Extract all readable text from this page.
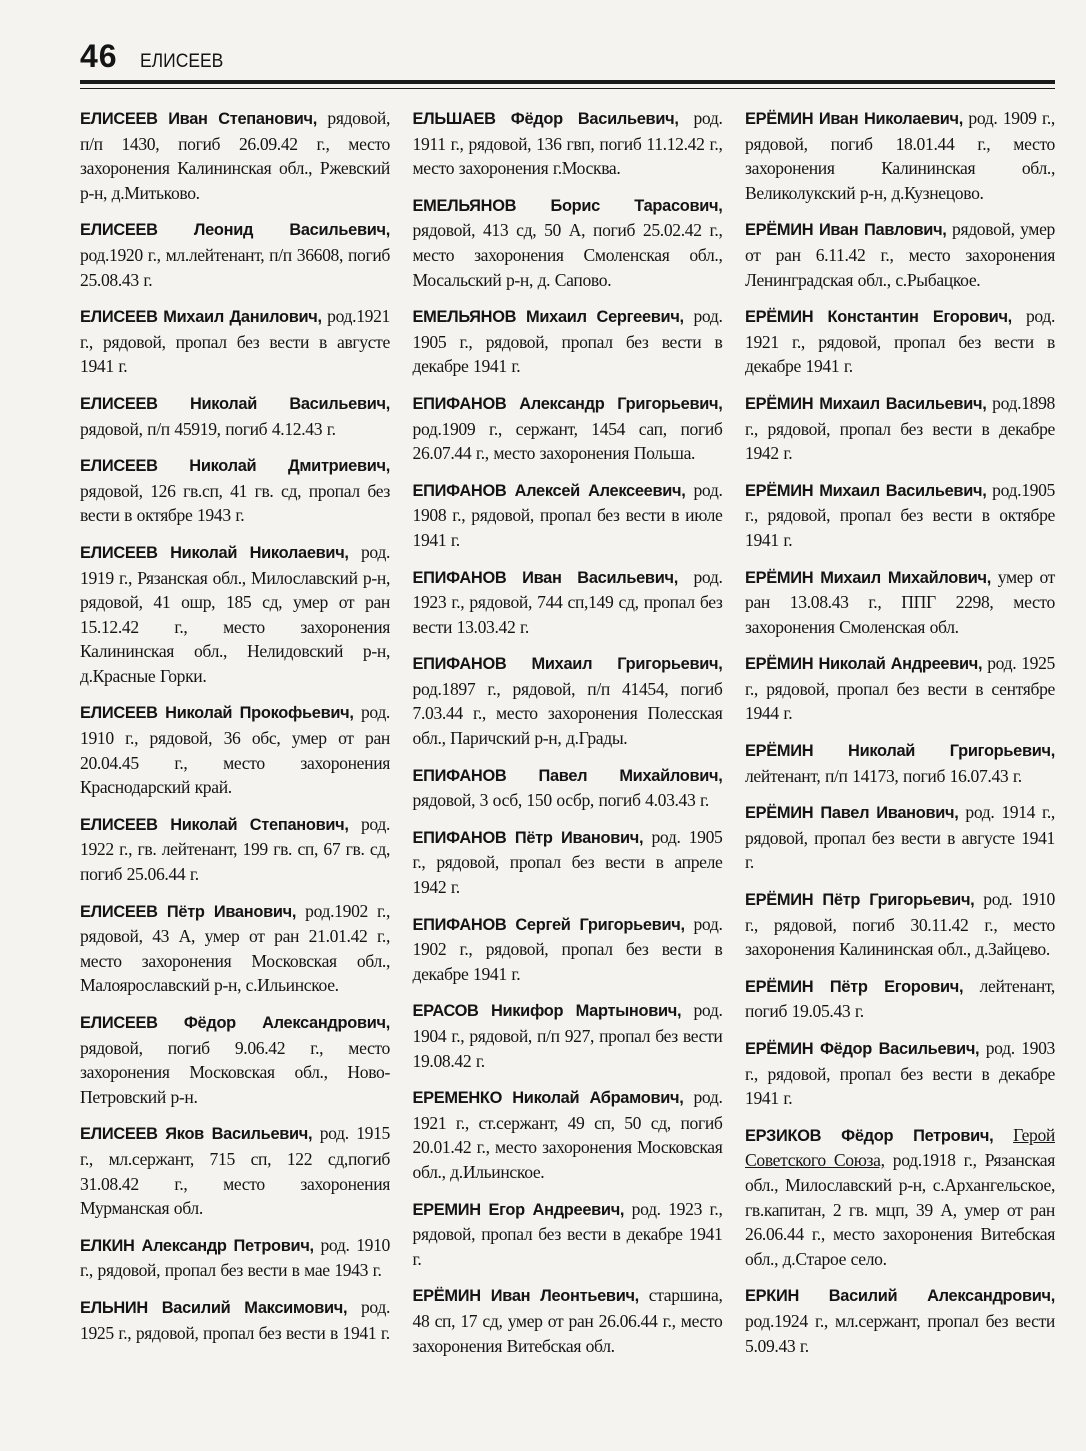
46 ЕЛИСЕЕВ

ЕЛИСЕЕВ Иван Степанович, рядовой, п/п 1430, погиб 26.09.42 г., место захоронения Калининская обл., Ржевский р-н, д.Митьково.

ЕЛИСЕЕВ Леонид Васильевич, род.1920 г., мл.лейтенант, п/п 36608, погиб 25.08.43 г.

ЕЛИСЕЕВ Михаил Данилович, род.1921 г., рядовой, пропал без вести в августе 1941 г.

ЕЛИСЕЕВ Николай Васильевич, рядовой, п/п 45919, погиб 4.12.43 г.

ЕЛИСЕЕВ Николай Дмитриевич, рядовой, 126 гв.сп, 41 гв. сд, пропал без вести в октябре 1943 г.

ЕЛИСЕЕВ Николай Николаевич, род. 1919 г., Рязанская обл., Милославский р-н, рядовой, 41 ошр, 185 сд, умер от ран 15.12.42 г., место захоронения Калининская обл., Нелидовский р-н, д.Красные Горки.

ЕЛИСЕЕВ Николай Прокофьевич, род. 1910 г., рядовой, 36 обс, умер от ран 20.04.45 г., место захоронения Краснодарский край.

ЕЛИСЕЕВ Николай Степанович, род. 1922 г., гв. лейтенант, 199 гв. сп, 67 гв. сд, погиб 25.06.44 г.

ЕЛИСЕЕВ Пётр Иванович, род.1902 г., рядовой, 43 А, умер от ран 21.01.42 г., место захоронения Московская обл., Малоярославский р-н, с.Ильинское.

ЕЛИСЕЕВ Фёдор Александрович, рядовой, погиб 9.06.42 г., место захоронения Московская обл., Ново-Петровский р-н.

ЕЛИСЕЕВ Яков Васильевич, род. 1915 г., мл.сержант, 715 сп, 122 сд,погиб 31.08.42 г., место захоронения Мурманская обл.

ЕЛКИН Александр Петрович, род. 1910 г., рядовой, пропал без вести в мае 1943 г.

ЕЛЬНИН Василий Максимович, род. 1925 г., рядовой, пропал без вести в 1941 г.

ЕЛЬШАЕВ Фёдор Васильевич, род. 1911 г., рядовой, 136 гвп, погиб 11.12.42 г., место захоронения г.Москва.

ЕМЕЛЬЯНОВ Борис Тарасович, рядовой, 413 сд, 50 А, погиб 25.02.42 г., место захоронения Смоленская обл., Мосальский р-н, д. Сапово.

ЕМЕЛЬЯНОВ Михаил Сергеевич, род. 1905 г., рядовой, пропал без вести в декабре 1941 г.

ЕПИФАНОВ Александр Григорьевич, род.1909 г., сержант, 1454 сап, погиб 26.07.44 г., место захоронения Польша.

ЕПИФАНОВ Алексей Алексеевич, род. 1908 г., рядовой, пропал без вести в июле 1941 г.

ЕПИФАНОВ Иван Васильевич, род. 1923 г., рядовой, 744 сп,149 сд, пропал без вести 13.03.42 г.

ЕПИФАНОВ Михаил Григорьевич, род.1897 г., рядовой, п/п 41454, погиб 7.03.44 г., место захоронения Полесская обл., Паричский р-н, д.Грады.

ЕПИФАНОВ Павел Михайлович, рядовой, 3 осб, 150 осбр, погиб 4.03.43 г.

ЕПИФАНОВ Пётр Иванович, род. 1905 г., рядовой, пропал без вести в апреле 1942 г.

ЕПИФАНОВ Сергей Григорьевич, род. 1902 г., рядовой, пропал без вести в декабре 1941 г.

ЕРАСОВ Никифор Мартынович, род. 1904 г., рядовой, п/п 927, пропал без вести 19.08.42 г.

ЕРЕМЕНКО Николай Абрамович, род. 1921 г., ст.сержант, 49 сп, 50 сд, погиб 20.01.42 г., место захоронения Московская обл., д.Ильинское.

ЕРЕМИН Егор Андреевич, род. 1923 г., рядовой, пропал без вести в декабре 1941 г.

ЕРЁМИН Иван Леонтьевич, старшина, 48 сп, 17 сд, умер от ран 26.06.44 г., место захоронения Витебская обл.

ЕРЁМИН Иван Николаевич, род. 1909 г., рядовой, погиб 18.01.44 г., место захоронения Калининская обл., Великолукский р-н, д.Кузнецово.

ЕРЁМИН Иван Павлович, рядовой, умер от ран 6.11.42 г., место захоронения Ленинградская обл., с.Рыбацкое.

ЕРЁМИН Константин Егорович, род. 1921 г., рядовой, пропал без вести в декабре 1941 г.

ЕРЁМИН Михаил Васильевич, род.1898 г., рядовой, пропал без вести в декабре 1942 г.

ЕРЁМИН Михаил Васильевич, род.1905 г., рядовой, пропал без вести в октябре 1941 г.

ЕРЁМИН Михаил Михайлович, умер от ран 13.08.43 г., ППГ 2298, место захоронения Смоленская обл.

ЕРЁМИН Николай Андреевич, род. 1925 г., рядовой, пропал без вести в сентябре 1944 г.

ЕРЁМИН Николай Григорьевич, лейтенант, п/п 14173, погиб 16.07.43 г.

ЕРЁМИН Павел Иванович, род. 1914 г., рядовой, пропал без вести в августе 1941 г.

ЕРЁМИН Пётр Григорьевич, род. 1910 г., рядовой, погиб 30.11.42 г., место захоронения Калининская обл., д.Зайцево.

ЕРЁМИН Пётр Егорович, лейтенант, погиб 19.05.43 г.

ЕРЁМИН Фёдор Васильевич, род. 1903 г., рядовой, пропал без вести в декабре 1941 г.

ЕРЗИКОВ Фёдор Петрович, Герой Советского Союза, род.1918 г., Рязанская обл., Милославский р-н, с.Архангельское, гв.капитан, 2 гв. мцп, 39 А, умер от ран 26.06.44 г., место захоронения Витебская обл., д.Старое село.

ЕРКИН Василий Александрович, род.1924 г., мл.сержант, пропал без вести 5.09.43 г.
